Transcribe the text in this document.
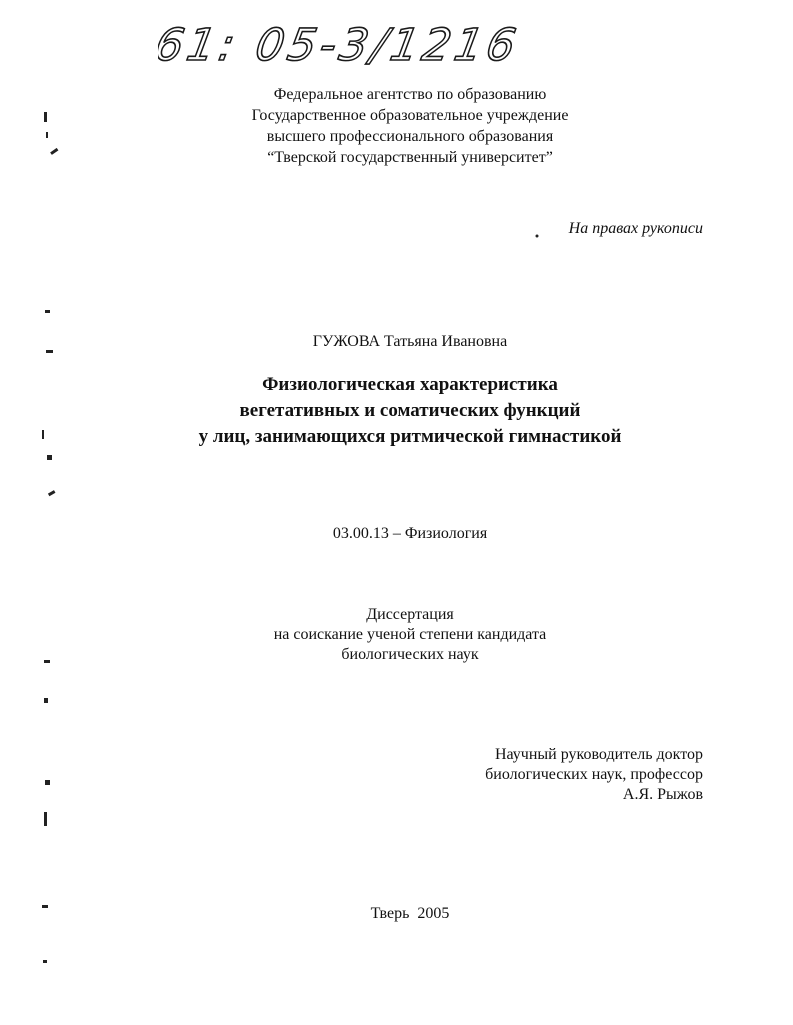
61: 05-3/1216
Федеральное агентство по образованию
Государственное образовательное учреждение
высшего профессионального образования
“Тверской государственный университет”
На правах рукописи
ГУЖОВА Татьяна Ивановна
Физиологическая характеристика
вегетативных и соматических функций
у лиц, занимающихся ритмической гимнастикой
03.00.13 – Физиология
Диссертация
на соискание ученой степени кандидата
биологических наук
Научный руководитель доктор
биологических наук, профессор
А.Я. Рыжов
Тверь  2005
